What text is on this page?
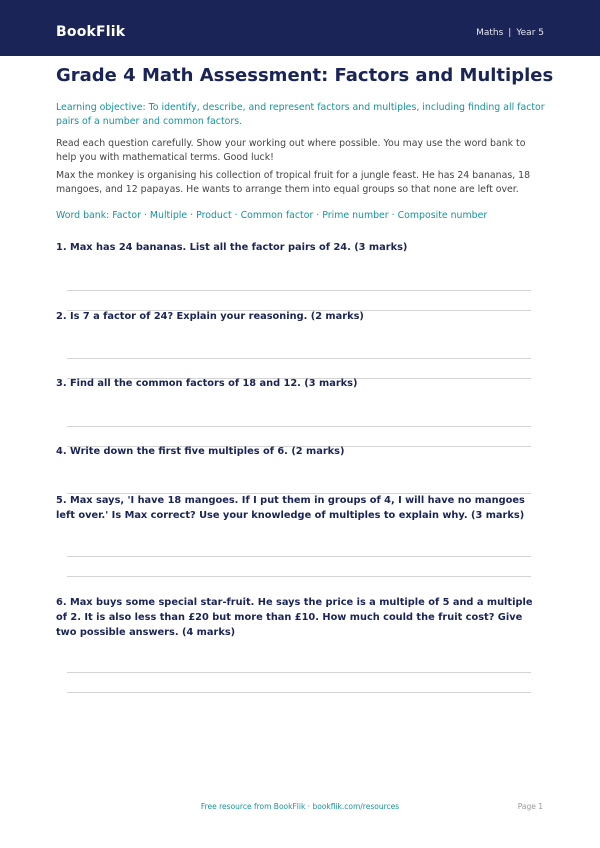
BookFlik	Maths | Year 5
Grade 4 Math Assessment: Factors and Multiples

Learning objective: To identify, describe, and represent factors and multiples, including finding all factor pairs of a number and common factors.

Read each question carefully. Show your working out where possible. You may use the word bank to help you with mathematical terms. Good luck!

Max the monkey is organising his collection of tropical fruit for a jungle feast. He has 24 bananas, 18 mangoes, and 12 papayas. He wants to arrange them into equal groups so that none are left over.

Word bank: Factor · Multiple · Product · Common factor · Prime number · Composite number

1. Max has 24 bananas. List all the factor pairs of 24. (3 marks)

2. Is 7 a factor of 24? Explain your reasoning. (2 marks)

3. Find all the common factors of 18 and 12. (3 marks)

4. Write down the first five multiples of 6. (2 marks)

5. Max says, 'I have 18 mangoes. If I put them in groups of 4, I will have no mangoes left over.' Is Max correct? Use your knowledge of multiples to explain why. (3 marks)

6. Max buys some special star-fruit. He says the price is a multiple of 5 and a multiple of 2. It is also less than £20 but more than £10. How much could the fruit cost? Give two possible answers. (4 marks)

Free resource from BookFlik · bookflik.com/resources	Page 1
